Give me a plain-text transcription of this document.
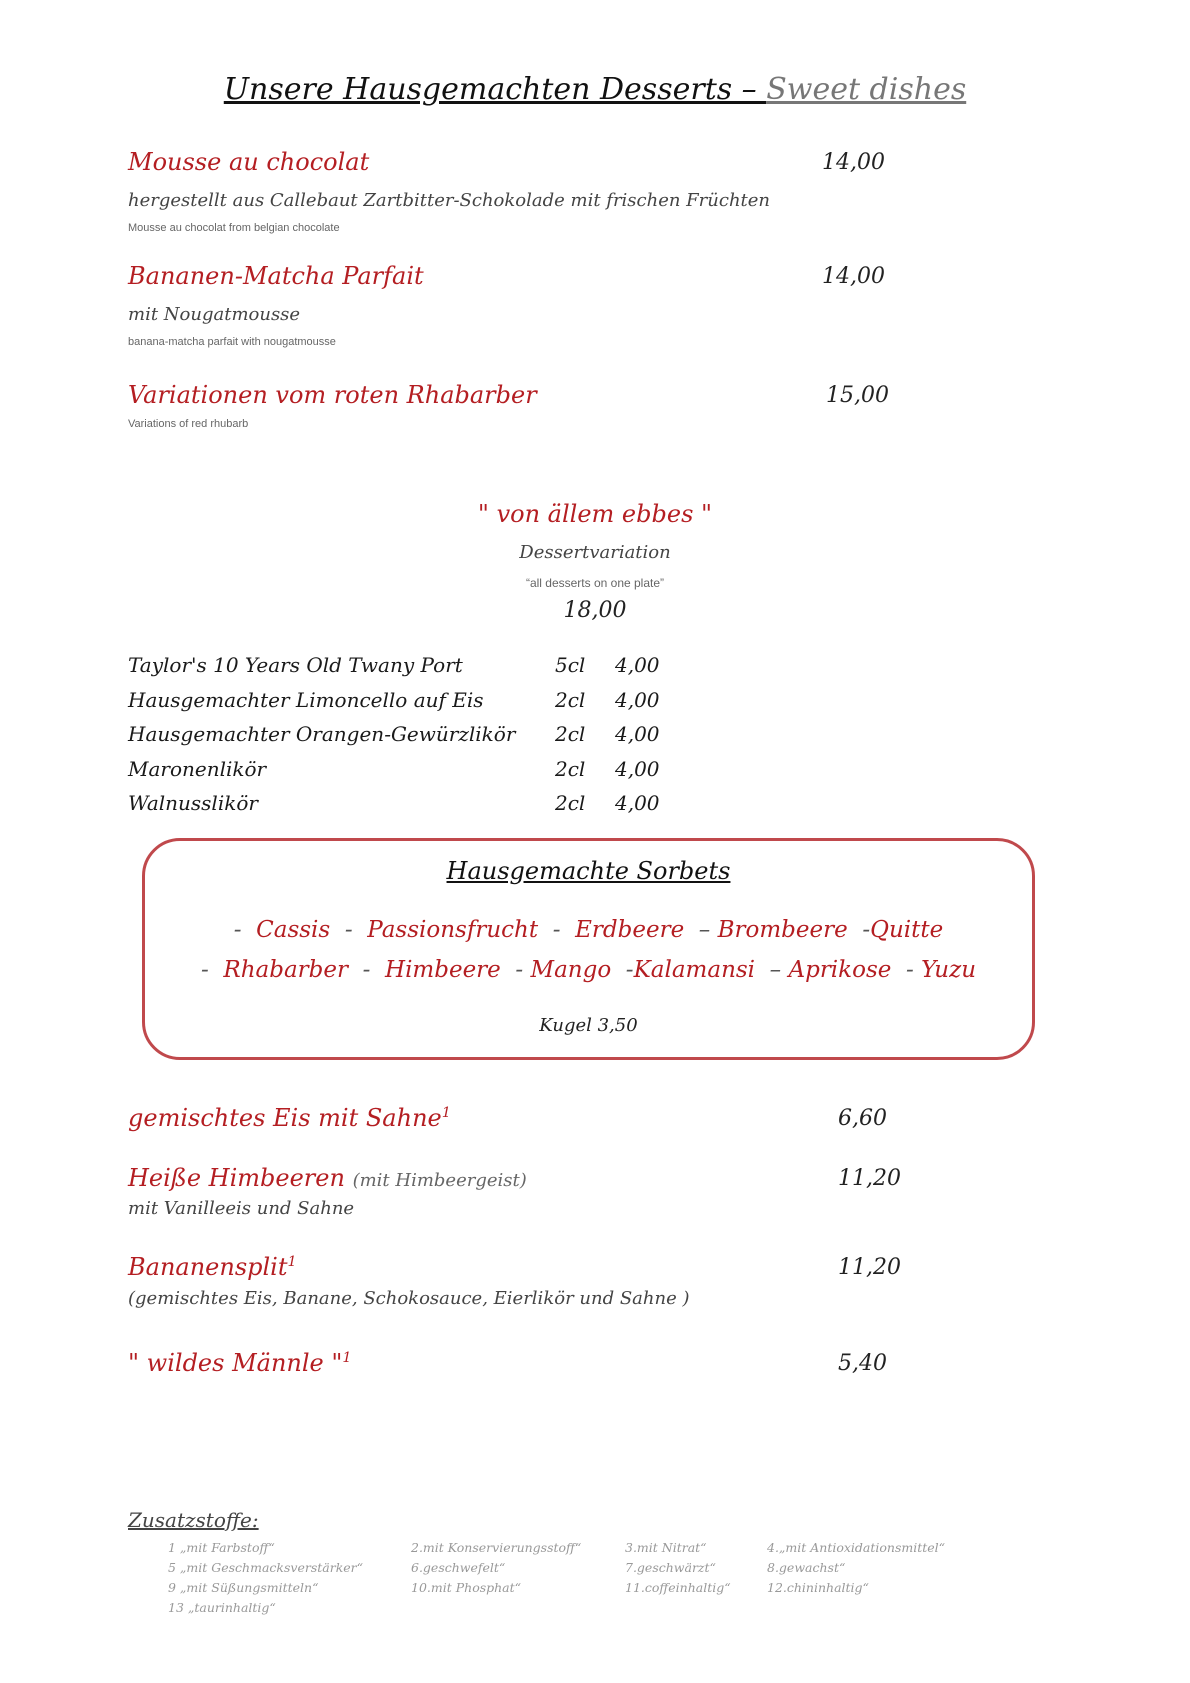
Unsere Hausgemachten Desserts – Sweet dishes
Mousse au chocolat	14,00
hergestellt aus Callebaut Zartbitter-Schokolade mit frischen Früchten
Mousse au chocolat from belgian chocolate
Bananen-Matcha Parfait	14,00
mit Nougatmousse
banana-matcha parfait with nougatmousse
Variationen vom roten Rhabarber	15,00
Variations of red rhubarb
" von ällem ebbes "
Dessertvariation
“all desserts on one plate”
18,00
Taylor's 10 Years Old Twany Port	5cl	4,00
Hausgemachter Limoncello auf Eis	2cl	4,00
Hausgemachter Orangen-Gewürzlikör	2cl	4,00
Maronenlikör	2cl	4,00
Walnusslikör	2cl	4,00
Hausgemachte Sorbets
-  Cassis  -  Passionsfrucht  -  Erdbeere  – Brombeere  -Quitte
-  Rhabarber  -  Himbeere  - Mango  -Kalamansi  – Aprikose  - Yuzu
Kugel 3,50
gemischtes Eis mit Sahne$^1$	6,60
Heiße Himbeeren (mit Himbeergeist)	11,20
mit Vanilleeis und Sahne
Bananensplit$^1$	11,20
(gemischtes Eis, Banane, Schokosauce, Eierlikör und Sahne )
" wildes Männle "$^1$	5,40
Zusatzstoffe:
1 „mit Farbstoff“	2.mit Konservierungsstoff“	3.mit Nitrat“	4.„mit Antioxidationsmittel“
5 „mit Geschmacksverstärker“	6.geschwefelt“	7.geschwärzt“	8.gewachst“
9 „mit Süßungsmitteln“	10.mit Phosphat“	11.coffeinhaltig“	12.chininhaltig“
13 „taurinhaltig“
